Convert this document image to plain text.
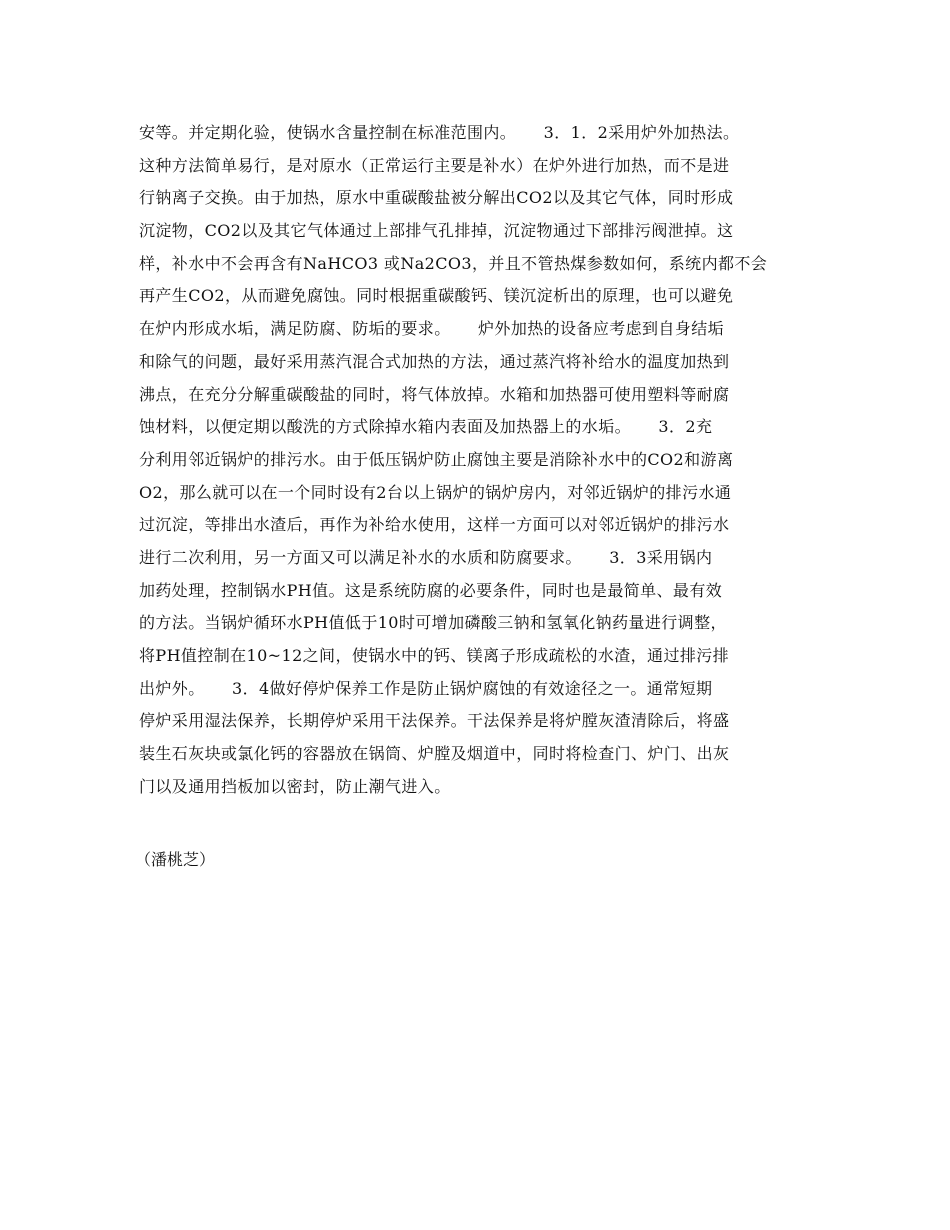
安等。并定期化验，使锅水含量控制在标准范围内。     3．1．2采用炉外加热法。
这种方法简单易行，是对原水（正常运行主要是补水）在炉外进行加热，而不是进
行钠离子交换。由于加热，原水中重碳酸盐被分解出CO2以及其它气体，同时形成
沉淀物，CO2以及其它气体通过上部排气孔排掉，沉淀物通过下部排污阀泄掉。这
样，补水中不会再含有NaHCO3 或Na2CO3，并且不管热煤参数如何，系统内都不会
再产生CO2，从而避免腐蚀。同时根据重碳酸钙、镁沉淀析出的原理，也可以避免
在炉内形成水垢，满足防腐、防垢的要求。     炉外加热的设备应考虑到自身结垢
和除气的问题，最好采用蒸汽混合式加热的方法，通过蒸汽将补给水的温度加热到
沸点，在充分分解重碳酸盐的同时，将气体放掉。水箱和加热器可使用塑料等耐腐
蚀材料，以便定期以酸洗的方式除掉水箱内表面及加热器上的水垢。     3．2充
分利用邻近锅炉的排污水。由于低压锅炉防止腐蚀主要是消除补水中的CO2和游离
O2，那么就可以在一个同时设有2台以上锅炉的锅炉房内，对邻近锅炉的排污水通
过沉淀，等排出水渣后，再作为补给水使用，这样一方面可以对邻近锅炉的排污水
进行二次利用，另一方面又可以满足补水的水质和防腐要求。     3．3采用锅内
加药处理，控制锅水PH值。这是系统防腐的必要条件，同时也是最简单、最有效
的方法。当锅炉循环水PH值低于10时可增加磷酸三钠和氢氧化钠药量进行调整，
将PH值控制在10~12之间，使锅水中的钙、镁离子形成疏松的水渣，通过排污排
出炉外。     3．4做好停炉保养工作是防止锅炉腐蚀的有效途径之一。通常短期
停炉采用湿法保养，长期停炉采用干法保养。干法保养是将炉膛灰渣清除后，将盛
装生石灰块或氯化钙的容器放在锅筒、炉膛及烟道中，同时将检查门、炉门、出灰
门以及通用挡板加以密封，防止潮气进入。
（潘桃芝）
